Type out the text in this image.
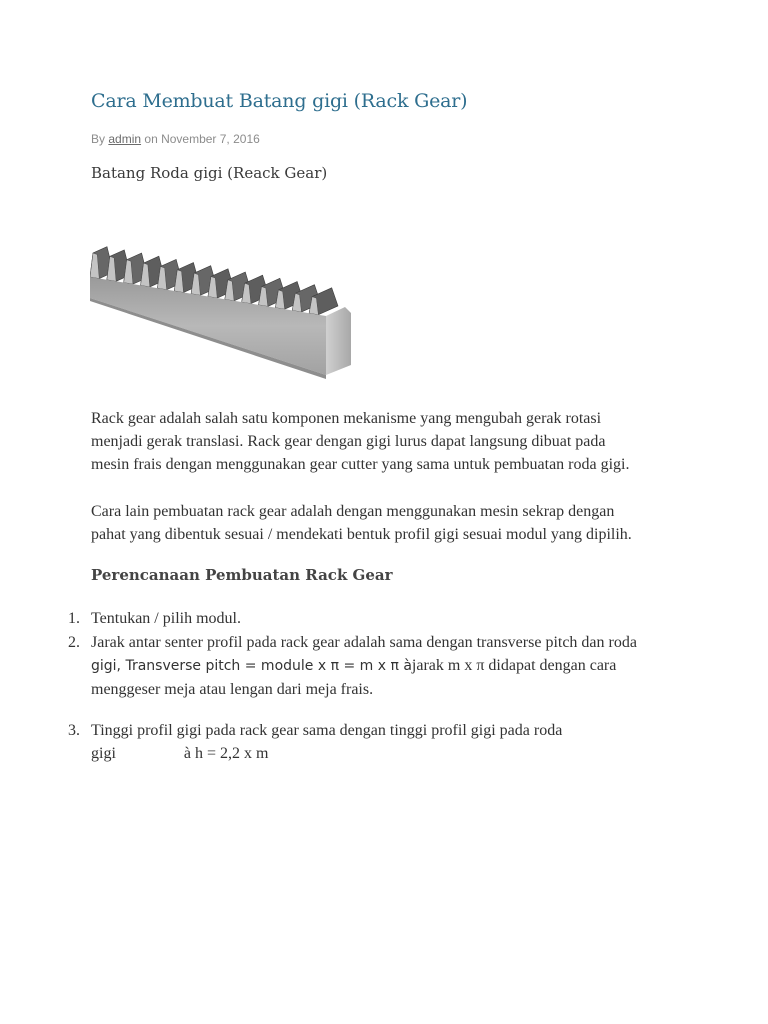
Cara Membuat Batang gigi (Rack Gear)
By admin on November 7, 2016
Batang Roda gigi (Reack Gear)

Rack gear adalah salah satu komponen mekanisme yang mengubah gerak rotasi
menjadi gerak translasi. Rack gear dengan gigi lurus dapat langsung dibuat pada
mesin frais dengan menggunakan gear cutter yang sama untuk pembuatan roda gigi.

Cara lain pembuatan rack gear adalah dengan menggunakan mesin sekrap dengan
pahat yang dibentuk sesuai / mendekati bentuk profil gigi sesuai modul yang dipilih.

Perencanaan Pembuatan Rack Gear
1. Tentukan / pilih modul.
2. Jarak antar senter profil pada rack gear adalah sama dengan transverse pitch dan roda
gigi, Transverse pitch = module x π = m x π àjarak m x π didapat dengan cara
menggeser meja atau lengan dari meja frais.
3. Tinggi profil gigi pada rack gear sama dengan tinggi profil gigi pada roda
gigi	à h = 2,2 x m
